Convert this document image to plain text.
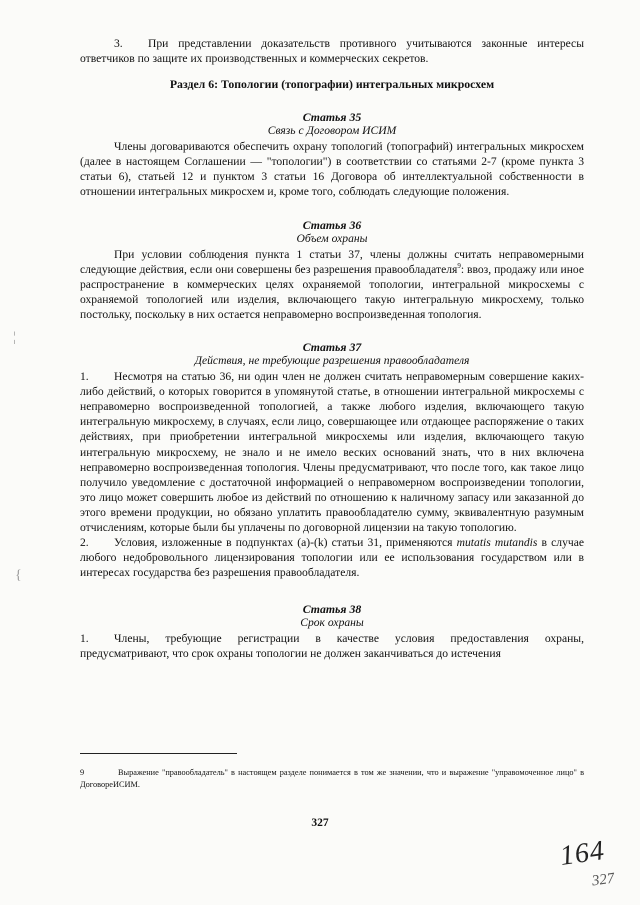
3. При представлении доказательств противного учитываются законные интересы ответчиков по защите их производственных и коммерческих секретов.

Раздел 6: Топологии (топографии) интегральных микросхем

Статья 35

Связь с Договором ИСИМ

Члены договариваются обеспечить охрану топологий (топографий) интегральных микросхем (далее в настоящем Соглашении — "топологии") в соответствии со статьями 2-7 (кроме пункта 3 статьи 6), статьей 12 и пунктом 3 статьи 16 Договора об интеллектуальной собственности в отношении интегральных микросхем и, кроме того, соблюдать следующие положения.

Статья 36

Объем охраны

При условии соблюдения пункта 1 статьи 37, члены должны считать неправомерными следующие действия, если они совершены без разрешения правообладателя$^9$: ввоз, продажу или иное распространение в коммерческих целях охраняемой топологии, интегральной микросхемы с охраняемой топологией или изделия, включающего такую интегральную микросхему, только постольку, поскольку в них остается неправомерно воспроизведенная топология.

Статья 37

Действия, не требующие разрешения правообладателя

1. Несмотря на статью 36, ни один член не должен считать неправомерным совершение каких-либо действий, о которых говорится в упомянутой статье, в отношении интегральной микросхемы с неправомерно воспроизведенной топологией, а также любого изделия, включающего такую интегральную микросхему, в случаях, если лицо, совершающее или отдающее распоряжение о таких действиях, при приобретении интегральной микросхемы или изделия, включающего такую интегральную микросхему, не знало и не имело веских оснований знать, что в них включена неправомерно воспроизведенная топология. Члены предусматривают, что после того, как такое лицо получило уведомление с достаточной информацией о неправомерном воспроизведении топологии, это лицо может совершить любое из действий по отношению к наличному запасу или заказанной до этого времени продукции, но обязано уплатить правообладателю сумму, эквивалентную разумным отчислениям, которые были бы уплачены по договорной лицензии на такую топологию.

2. Условия, изложенные в подпунктах (a)-(k) статьи 31, применяются mutatis mutandis в случае любого недобровольного лицензирования топологии или ее использования государством или в интересах государства без разрешения правообладателя.

Статья 38

Срок охраны

1. Члены, требующие регистрации в качестве условия предоставления охраны, предусматривают, что срок охраны топологии не должен заканчиваться до истечения

9	Выражение "правообладатель" в настоящем разделе понимается в том же значении, что и выражение "управомоченное лицо" в ДоговореИСИМ.
327
164
327
¦
{
